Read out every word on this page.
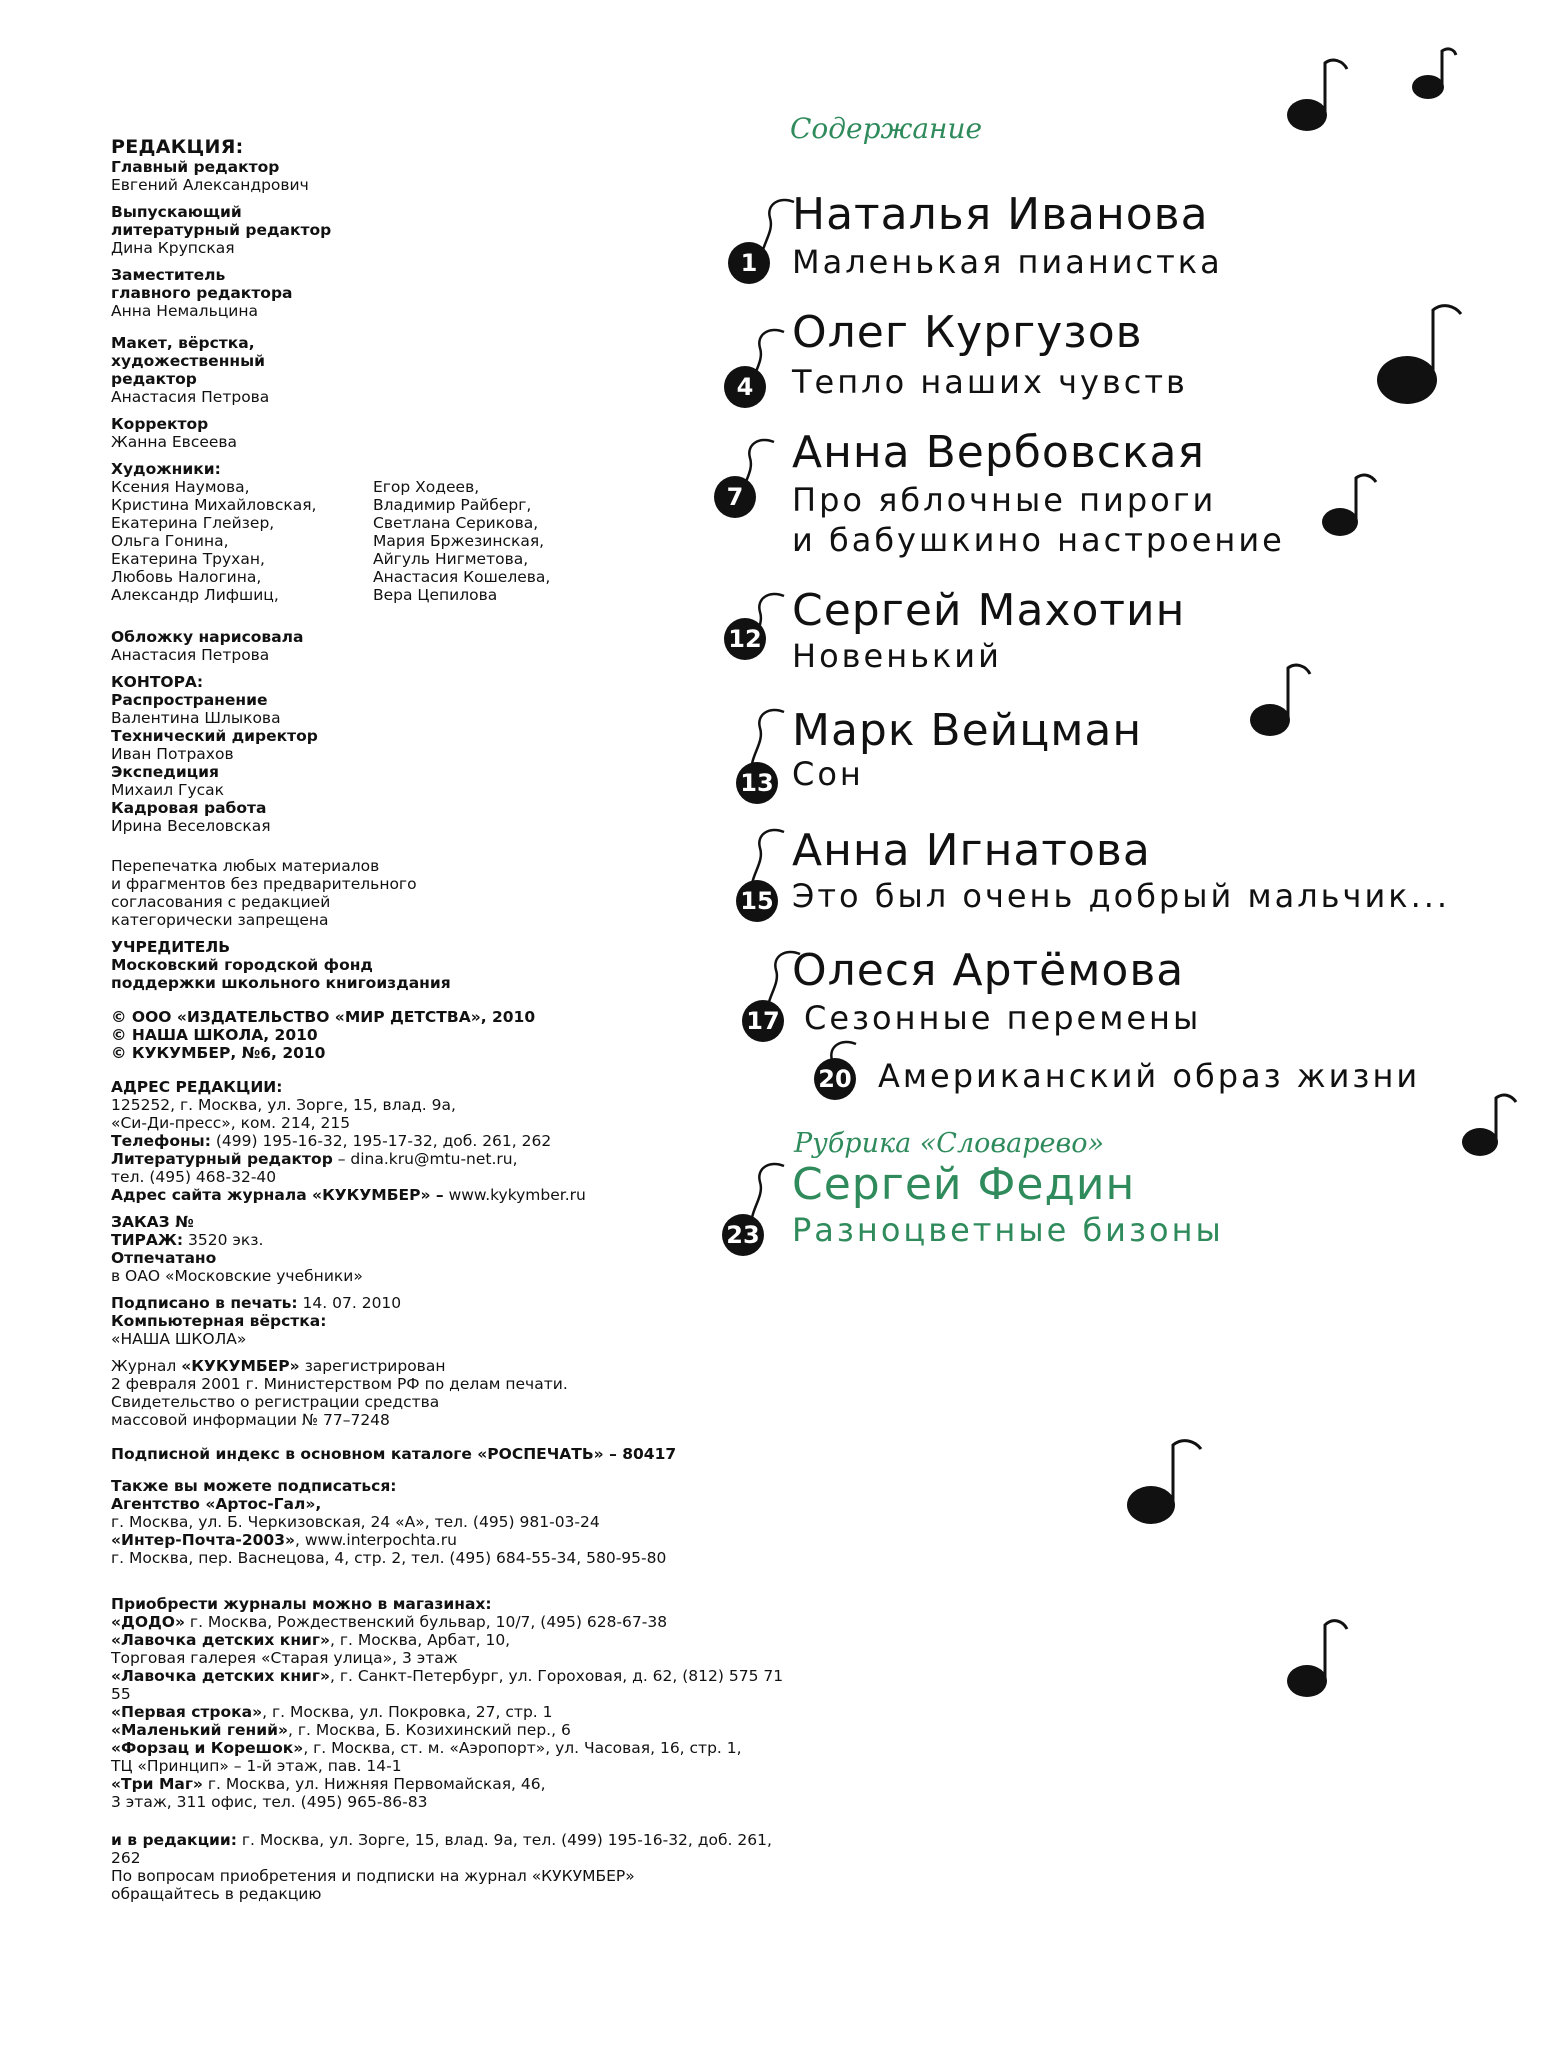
РЕДАКЦИЯ:
Главный редактор
Евгений Александрович
Выпускающий
литературный редактор
Дина Крупская
Заместитель
главного редактора
Анна Немальцина
Макет, вёрстка,
художественный
редактор
Анастасия Петрова
Корректор
Жанна Евсеева
Художники:
Ксения Наумова,
Кристина Михайловская,
Екатерина Глейзер,
Ольга Гонина,
Екатерина Трухан,
Любовь Налогина,
Александр Лифшиц,
Егор Ходеев,
Владимир Райберг,
Светлана Серикова,
Мария Бржезинская,
Айгуль Нигметова,
Анастасия Кошелева,
Вера Цепилова
Обложку нарисовала
Анастасия Петрова
КОНТОРА:
Распространение
Валентина Шлыкова
Технический директор
Иван Потрахов
Экспедиция
Михаил Гусак
Кадровая работа
Ирина Веселовская
Перепечатка любых материалов
и фрагментов без предварительного
согласования с редакцией
категорически запрещена
УЧРЕДИТЕЛЬ
Московский городской фонд
поддержки школьного книгоиздания
© ООО «ИЗДАТЕЛЬСТВО «МИР ДЕТСТВА», 2010
© НАША ШКОЛА, 2010
© КУКУМБЕР, №6, 2010
АДРЕС РЕДАКЦИИ:
125252, г. Москва, ул. Зорге, 15, влад. 9а,
«Си-Ди-пресс», ком. 214, 215
Телефоны: (499) 195-16-32, 195-17-32, доб. 261, 262
Литературный редактор – dina.kru@mtu-net.ru,
тел. (495) 468-32-40
Адрес сайта журнала «КУКУМБЕР» – www.kykymber.ru
ЗАКАЗ №
ТИРАЖ: 3520 экз.
Отпечатано
в ОАО «Московские учебники»
Подписано в печать: 14. 07. 2010
Компьютерная вёрстка:
«НАША ШКОЛА»
Журнал «КУКУМБЕР» зарегистрирован
2 февраля 2001 г. Министерством РФ по делам печати.
Свидетельство о регистрации средства
массовой информации № 77–7248
Подписной индекс в основном каталоге «РОСПЕЧАТЬ» – 80417
Также вы можете подписаться:
Агентство «Артос-Гал»,
г. Москва, ул. Б. Черкизовская, 24 «А», тел. (495) 981-03-24
«Интер-Почта-2003», www.interpochta.ru
г. Москва, пер. Васнецова, 4, стр. 2, тел. (495) 684-55-34, 580-95-80
Приобрести журналы можно в магазинах:
«ДОДО» г. Москва, Рождественский бульвар, 10/7, (495) 628-67-38
«Лавочка детских книг», г. Москва, Арбат, 10,
Торговая галерея «Старая улица», 3 этаж
«Лавочка детских книг», г. Санкт-Петербург, ул. Гороховая, д. 62, (812) 575 71 55
«Первая строка», г. Москва, ул. Покровка, 27, стр. 1
«Маленький гений», г. Москва, Б. Козихинский пер., 6
«Форзац и Корешок», г. Москва, ст. м. «Аэропорт», ул. Часовая, 16, стр. 1,
ТЦ «Принцип» – 1-й этаж, пав. 14-1
«Три Маг» г. Москва, ул. Нижняя Первомайская, 46,
3 этаж, 311 офис, тел. (495) 965-86-83
и в редакции: г. Москва, ул. Зорге, 15, влад. 9а, тел. (499) 195-16-32, доб. 261, 262
По вопросам приобретения и подписки на журнал «КУКУМБЕР»
обращайтесь в редакцию
Содержание
1
Наталья Иванова
Маленькая пианистка
4
Олег Кургузов
Тепло наших чувств
7
Анна Вербовская
Про яблочные пироги
и бабушкино настроение
12
Сергей Махотин
Новенький
13
Марк Вейцман
Сон
15
Анна Игнатова
Это был очень добрый мальчик...
17
Олеся Артёмова
Сезонные перемены
20 Американский образ жизни
Рубрика «Словарево»
23
Сергей Федин
Разноцветные бизоны
